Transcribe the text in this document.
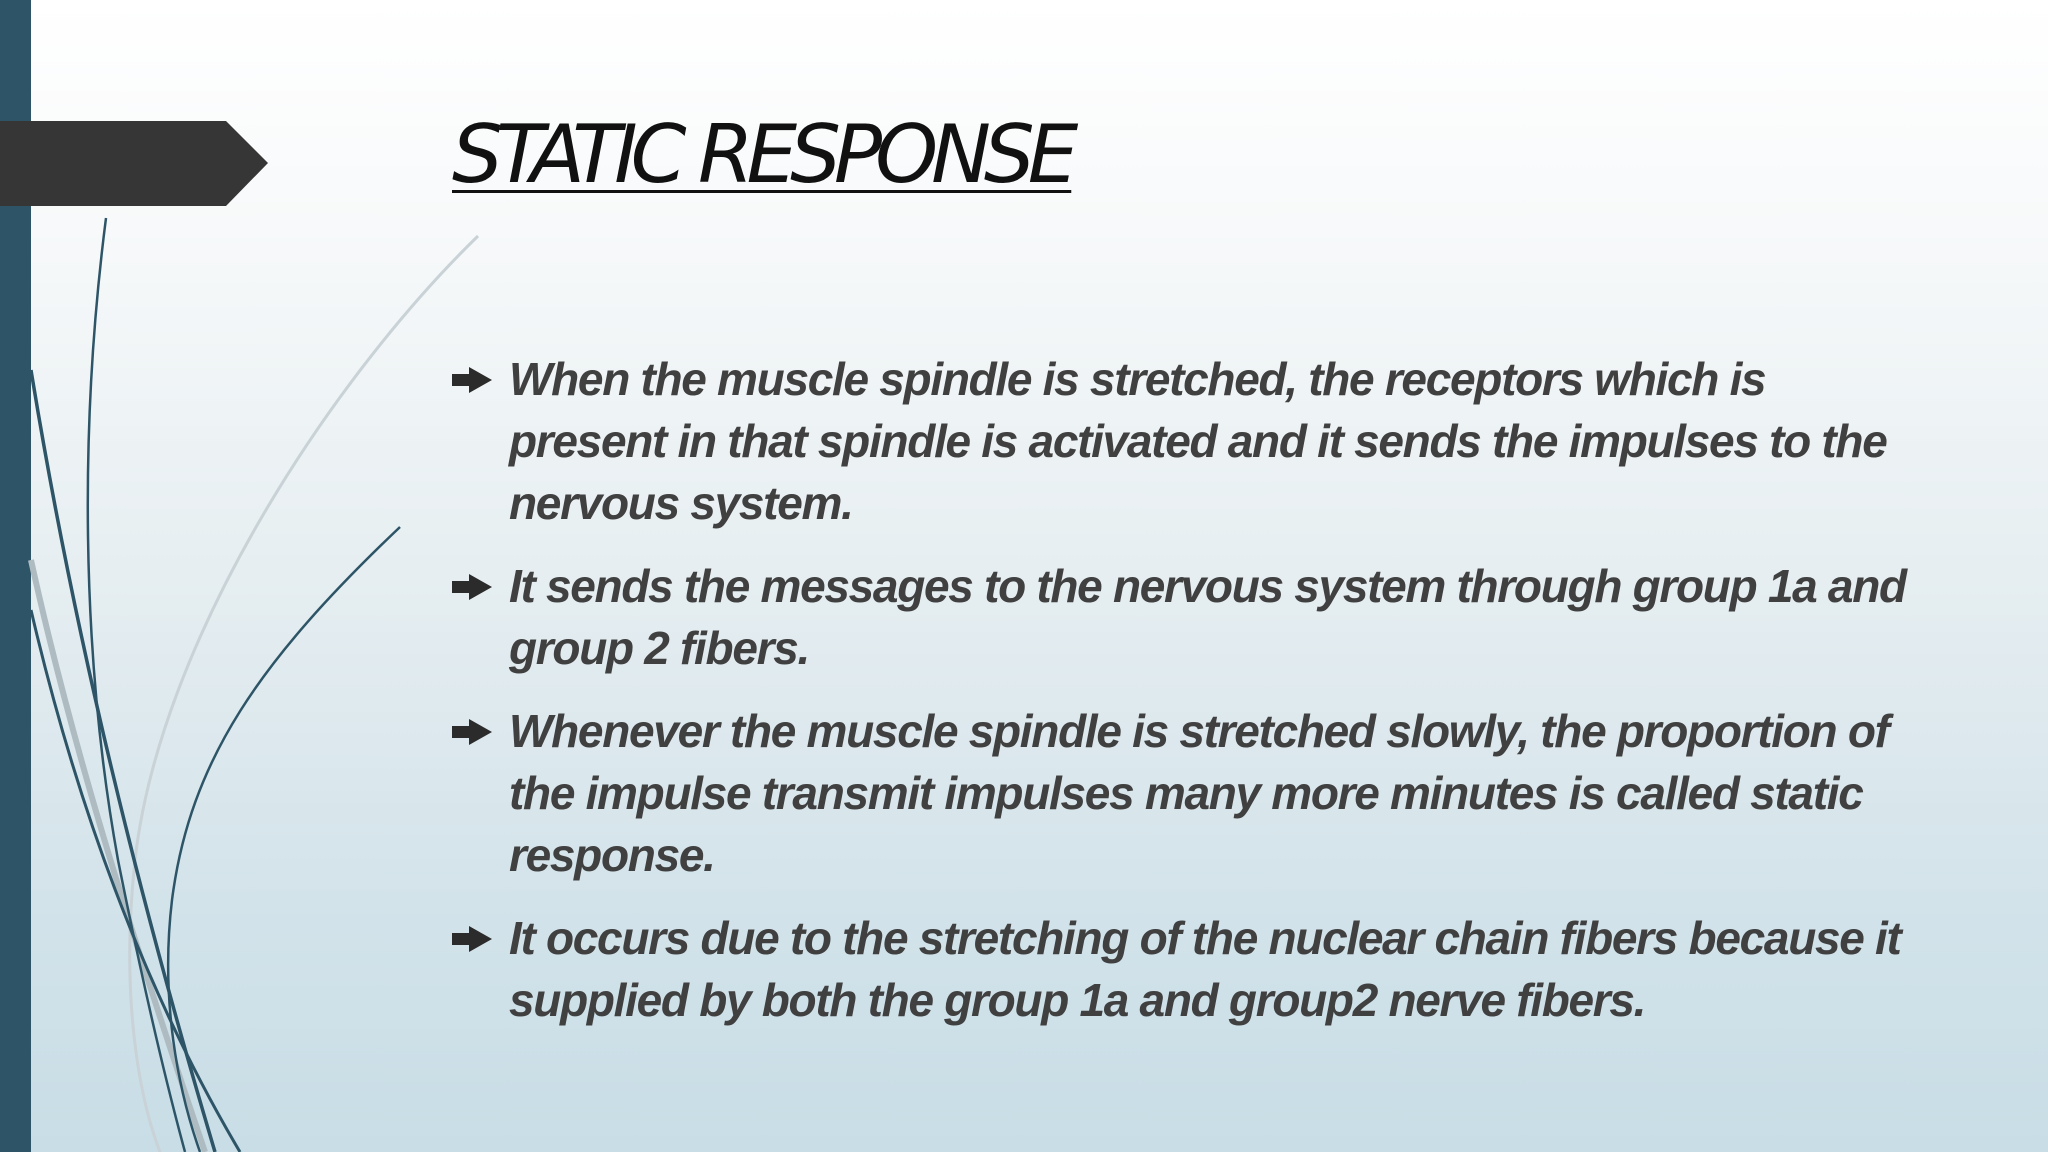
STATIC RESPONSE
When the muscle spindle is stretched, the receptors which is present in that spindle is activated and it sends the impulses to the nervous system.
It sends the messages to the nervous system through group 1a and group 2 fibers.
Whenever the muscle spindle is stretched slowly, the proportion of the impulse transmit impulses many more minutes is called static response.
It occurs due to the stretching of the nuclear chain fibers because it supplied by both the group 1a and group2 nerve fibers.
